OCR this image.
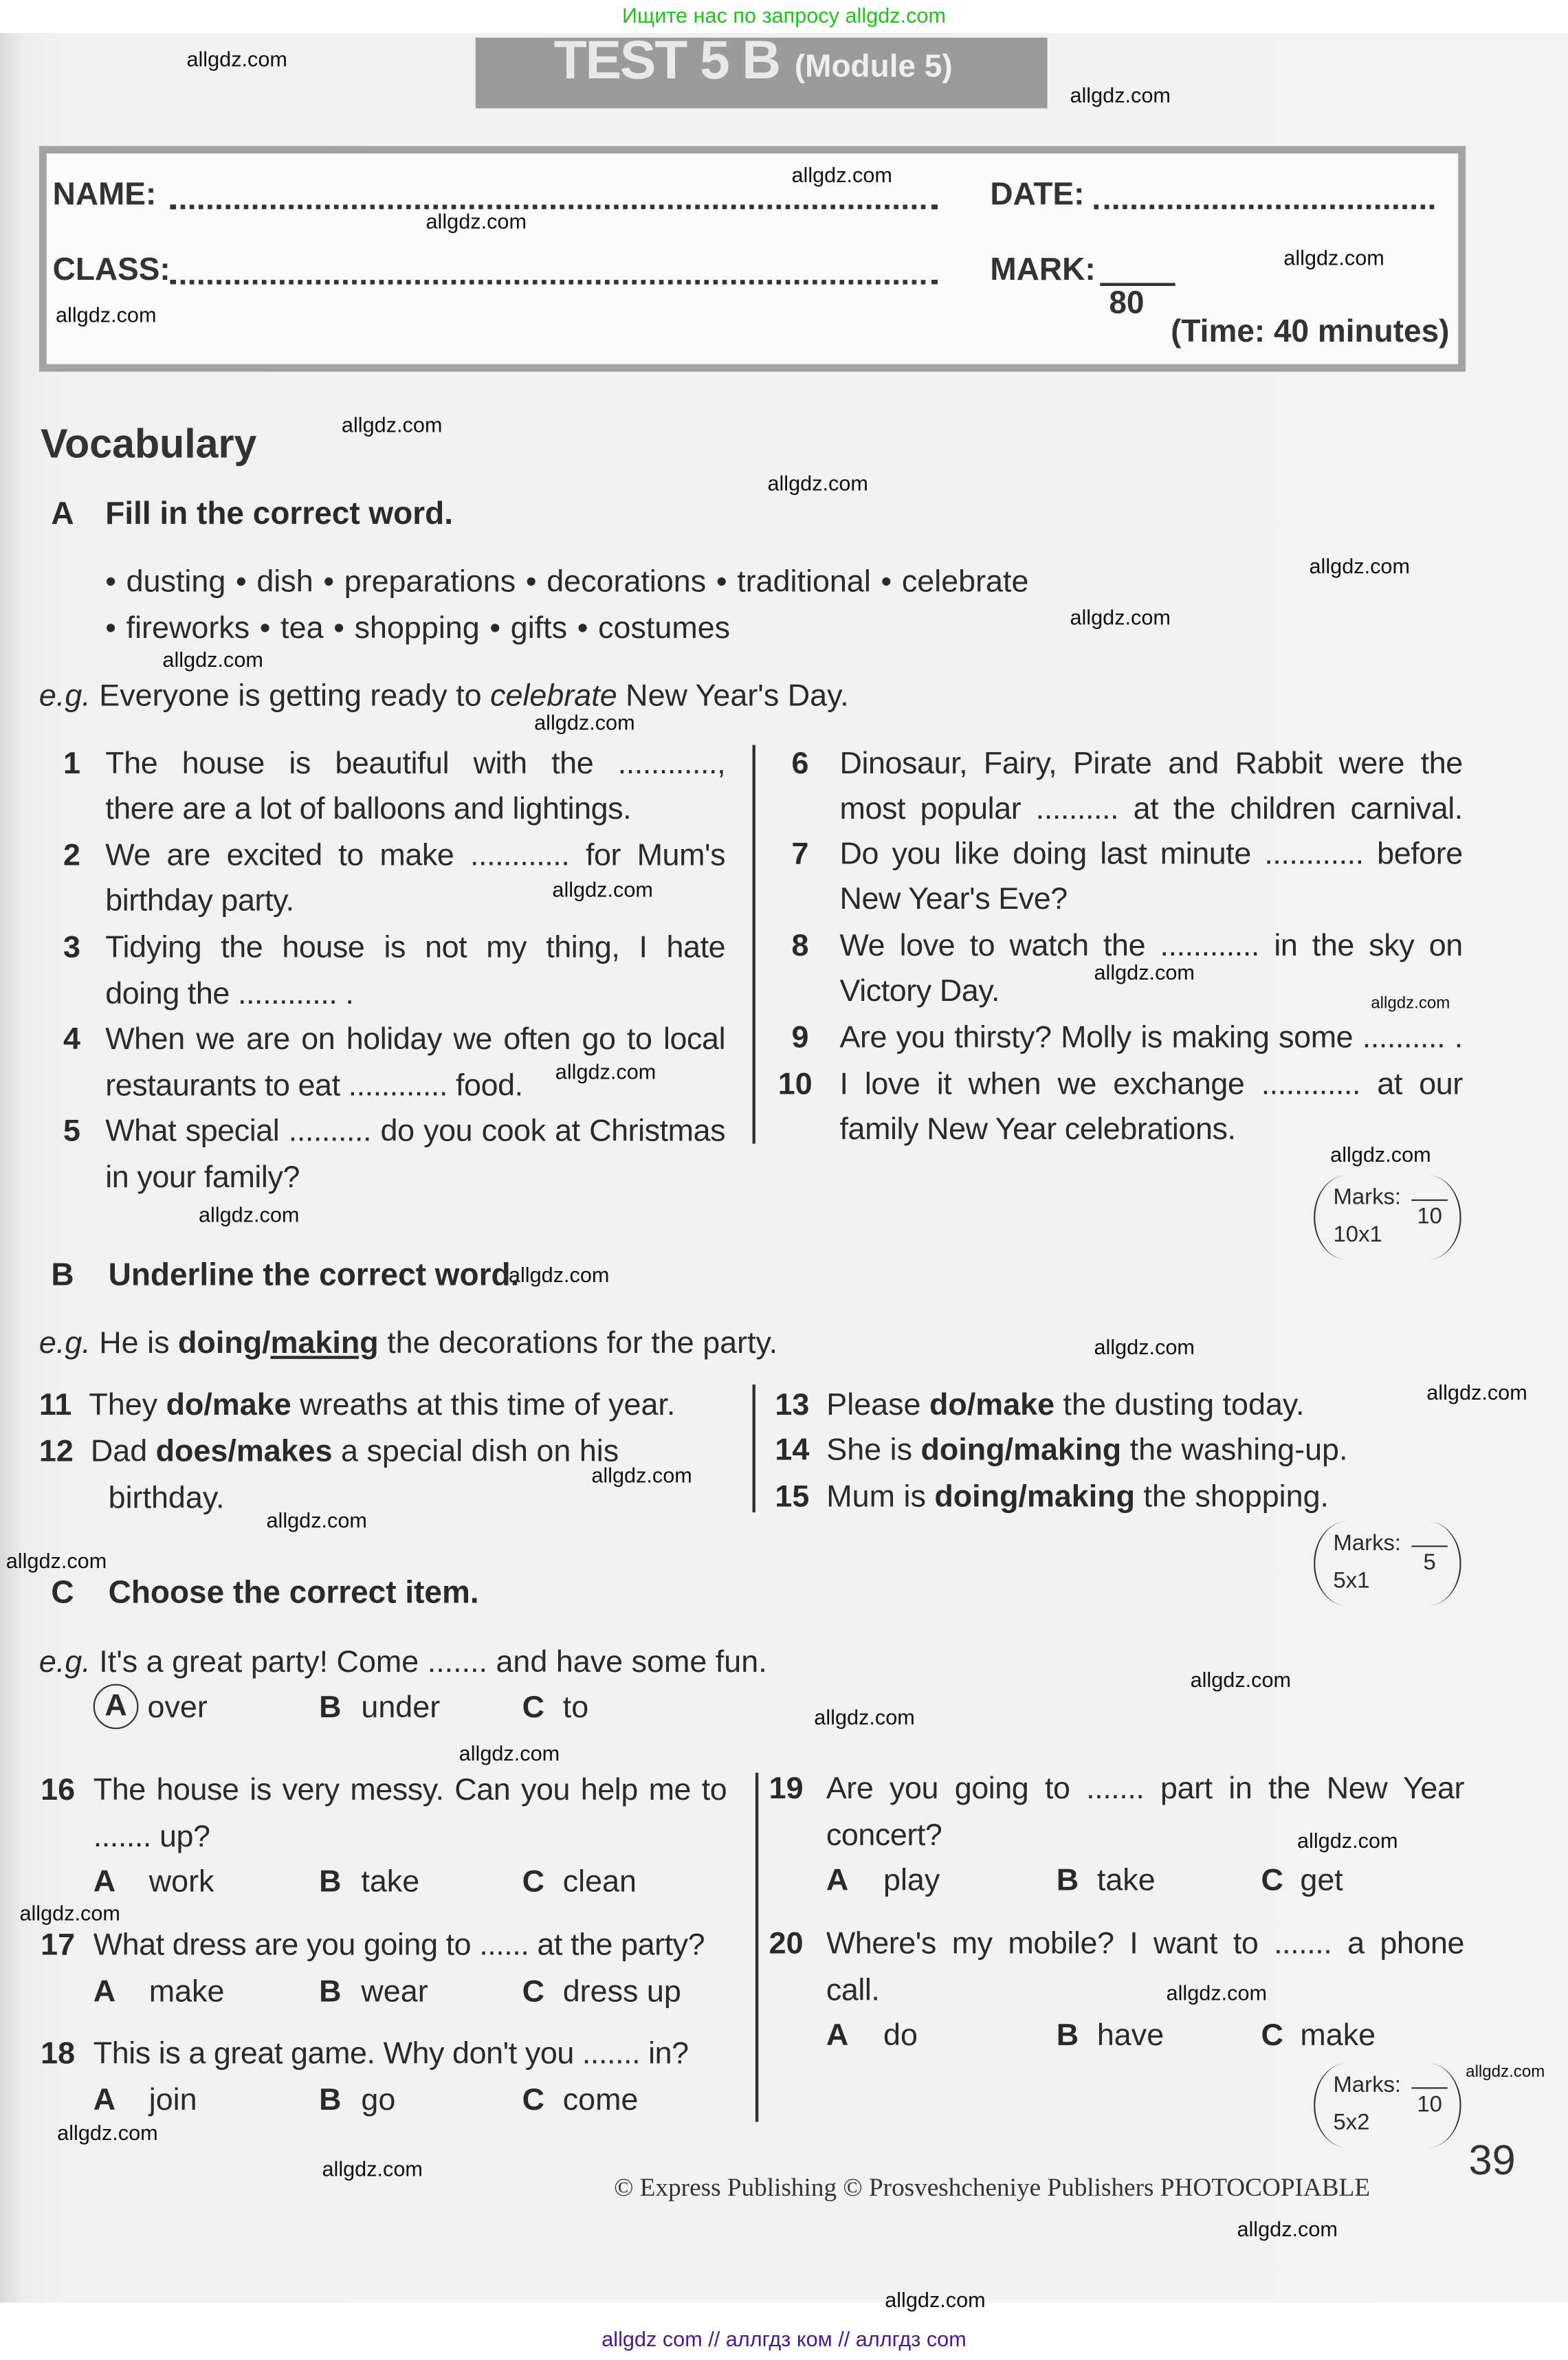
Ищите нас по запросу allgdz.com
TEST 5 B (Module 5)
NAME:	DATE:
CLASS:	MARK:
80
(Time: 40 minutes)
Vocabulary
A Fill in the correct word.
• dusting • dish • preparations • decorations • traditional • celebrate
• fireworks • tea • shopping • gifts • costumes
e.g. Everyone is getting ready to celebrate New Year's Day.
1 The house is beautiful with the ............,
there are a lot of balloons and lightings.
2 We are excited to make ............ for Mum's
birthday party.
3 Tidying the house is not my thing, I hate
doing the ............ .
4 When we are on holiday we often go to local
restaurants to eat ............ food.
5 What special .......... do you cook at Christmas
in your family?
6 Dinosaur, Fairy, Pirate and Rabbit were the
most popular .......... at the children carnival.
7 Do you like doing last minute ............ before
New Year's Eve?
8 We love to watch the ............ in the sky on
Victory Day.
9 Are you thirsty? Molly is making some .......... .
10 I love it when we exchange ............ at our
family New Year celebrations.
Marks:
10x1
10
B Underline the correct word.
e.g. He is doing/making the decorations for the party.
11 They do/make wreaths at this time of year.
12 Dad does/makes a special dish on his
birthday.
13 Please do/make the dusting today.
14 She is doing/making the washing-up.
15 Mum is doing/making the shopping.
Marks:
5x1
5
C Choose the correct item.
e.g. It's a great party! Come ....... and have some fun.
A	over	B under	C to
16 The house is very messy. Can you help me to
....... up?
A work	B take	C clean
17 What dress are you going to ...... at the party?
A make	B wear	C dress up
18 This is a great game. Why don't you ....... in?
A join	B go	C come
19 Are you going to ....... part in the New Year
concert?
A play	B take	C get
20 Where's my mobile? I want to ....... a phone
call.
A do	B have	C make
Marks:
5x2
10
39
© Express Publishing © Prosveshcheniye Publishers PHOTOCOPIABLE
allgdz.com
allgdz.com
allgdz.com
allgdz.com
allgdz.com
allgdz.com
allgdz.com
allgdz.com
allgdz.com
allgdz.com
allgdz.com
allgdz.com
allgdz.com
allgdz.com
allgdz.com
allgdz.com
allgdz.com
allgdz.com
allgdz.com
allgdz.com
allgdz.com
allgdz.com
allgdz.com
allgdz.com
allgdz.com
allgdz.com
allgdz.com
allgdz.com
allgdz.com
allgdz.com
allgdz.com
allgdz.com
allgdz.com
allgdz.com
allgdz.com
allgdz com // аллгдз ком // аллгдз com
